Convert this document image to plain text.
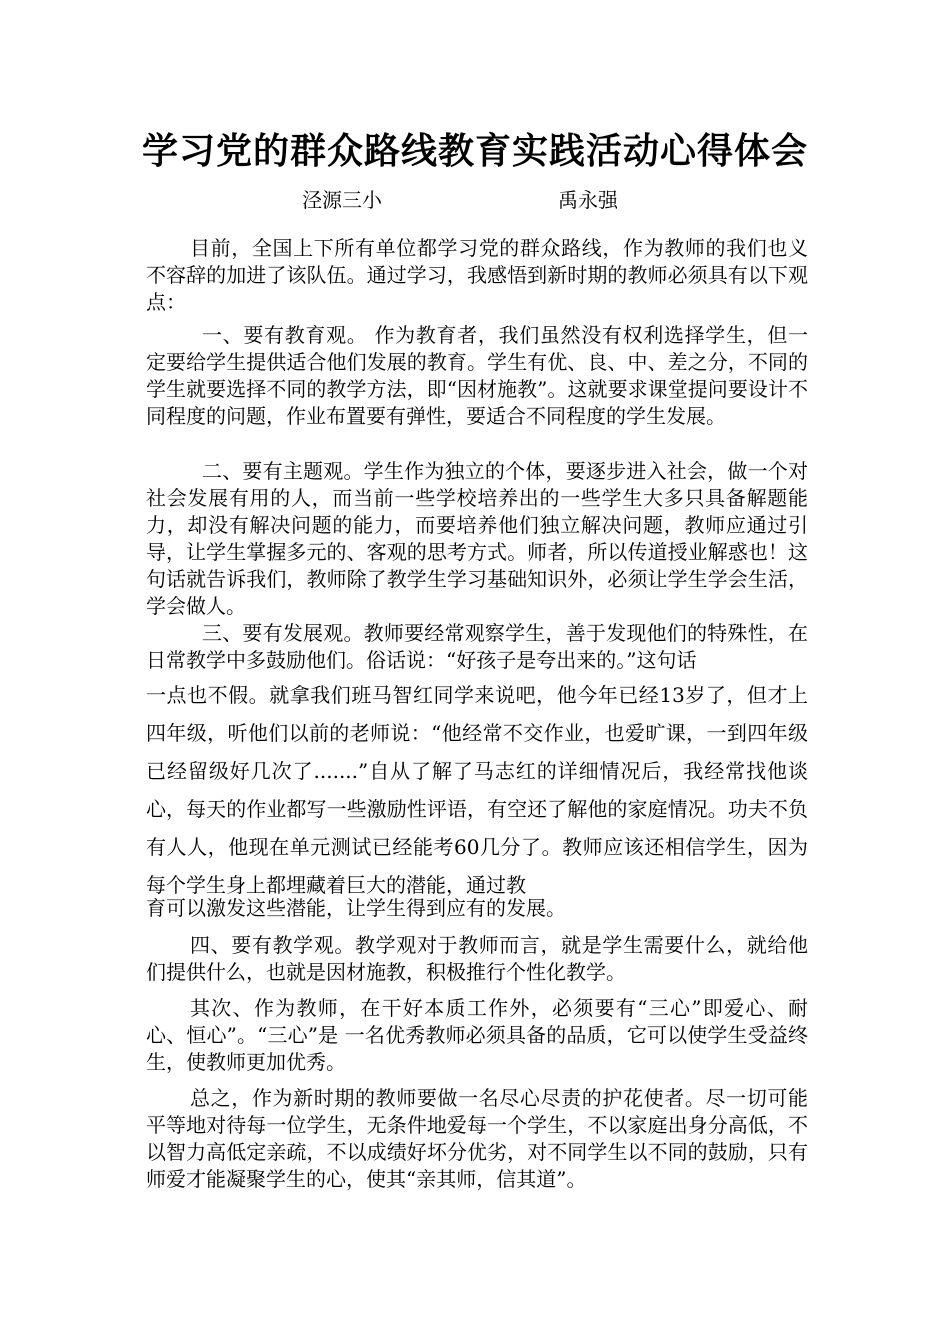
学习党的群众路线教育实践活动心得体会

泾源三小	禹永强

目前，全国上下所有单位都学习党的群众路线，作为教师的我们也义不容辞的加进了该队伍。通过学习，我感悟到新时期的教师必须具有以下观点：

一、要有教育观。 作为教育者，我们虽然没有权利选择学生，但一定要给学生提供适合他们发展的教育。学生有优、良、中、差之分，不同的学生就要选择不同的教学方法，即“因材施教”。这就要求课堂提问要设计不同程度的问题，作业布置要有弹性，要适合不同程度的学生发展。

二、要有主题观。学生作为独立的个体，要逐步进入社会，做一个对社会发展有用的人，而当前一些学校培养出的一些学生大多只具备解题能力，却没有解决问题的能力，而要培养他们独立解决问题，教师应通过引导，让学生掌握多元的、客观的思考方式。师者，所以传道授业解惑也！这句话就告诉我们，教师除了教学生学习基础知识外，必须让学生学会生活，学会做人。

三、要有发展观。教师要经常观察学生，善于发现他们的特殊性，在日常教学中多鼓励他们。俗话说：“好孩子是夸出来的。”这句话

一点也不假。就拿我们班马智红同学来说吧，他今年已经13岁了，但才上四年级，听他们以前的老师说：“他经常不交作业，也爱旷课，一到四年级已经留级好几次了.......”自从了解了马志红的详细情况后，我经常找他谈心，每天的作业都写一些激励性评语，有空还了解他的家庭情况。功夫不负有人人，他现在单元测试已经能考60几分了。教师应该还相信学生，因为每个学生身上都埋藏着巨大的潜能，通过教

育可以激发这些潜能，让学生得到应有的发展。

四、要有教学观。教学观对于教师而言，就是学生需要什么，就给他们提供什么，也就是因材施教，积极推行个性化教学。

其次、作为教师，在干好本质工作外，必须要有“三心”即爱心、耐心、恒心”。“三心”是 一名优秀教师必须具备的品质，它可以使学生受益终生，使教师更加优秀。

总之，作为新时期的教师要做一名尽心尽责的护花使者。尽一切可能平等地对待每一位学生，无条件地爱每一个学生，不以家庭出身分高低，不以智力高低定亲疏，不以成绩好坏分优劣，对不同学生以不同的鼓励，只有师爱才能凝聚学生的心，使其“亲其师，信其道”。
